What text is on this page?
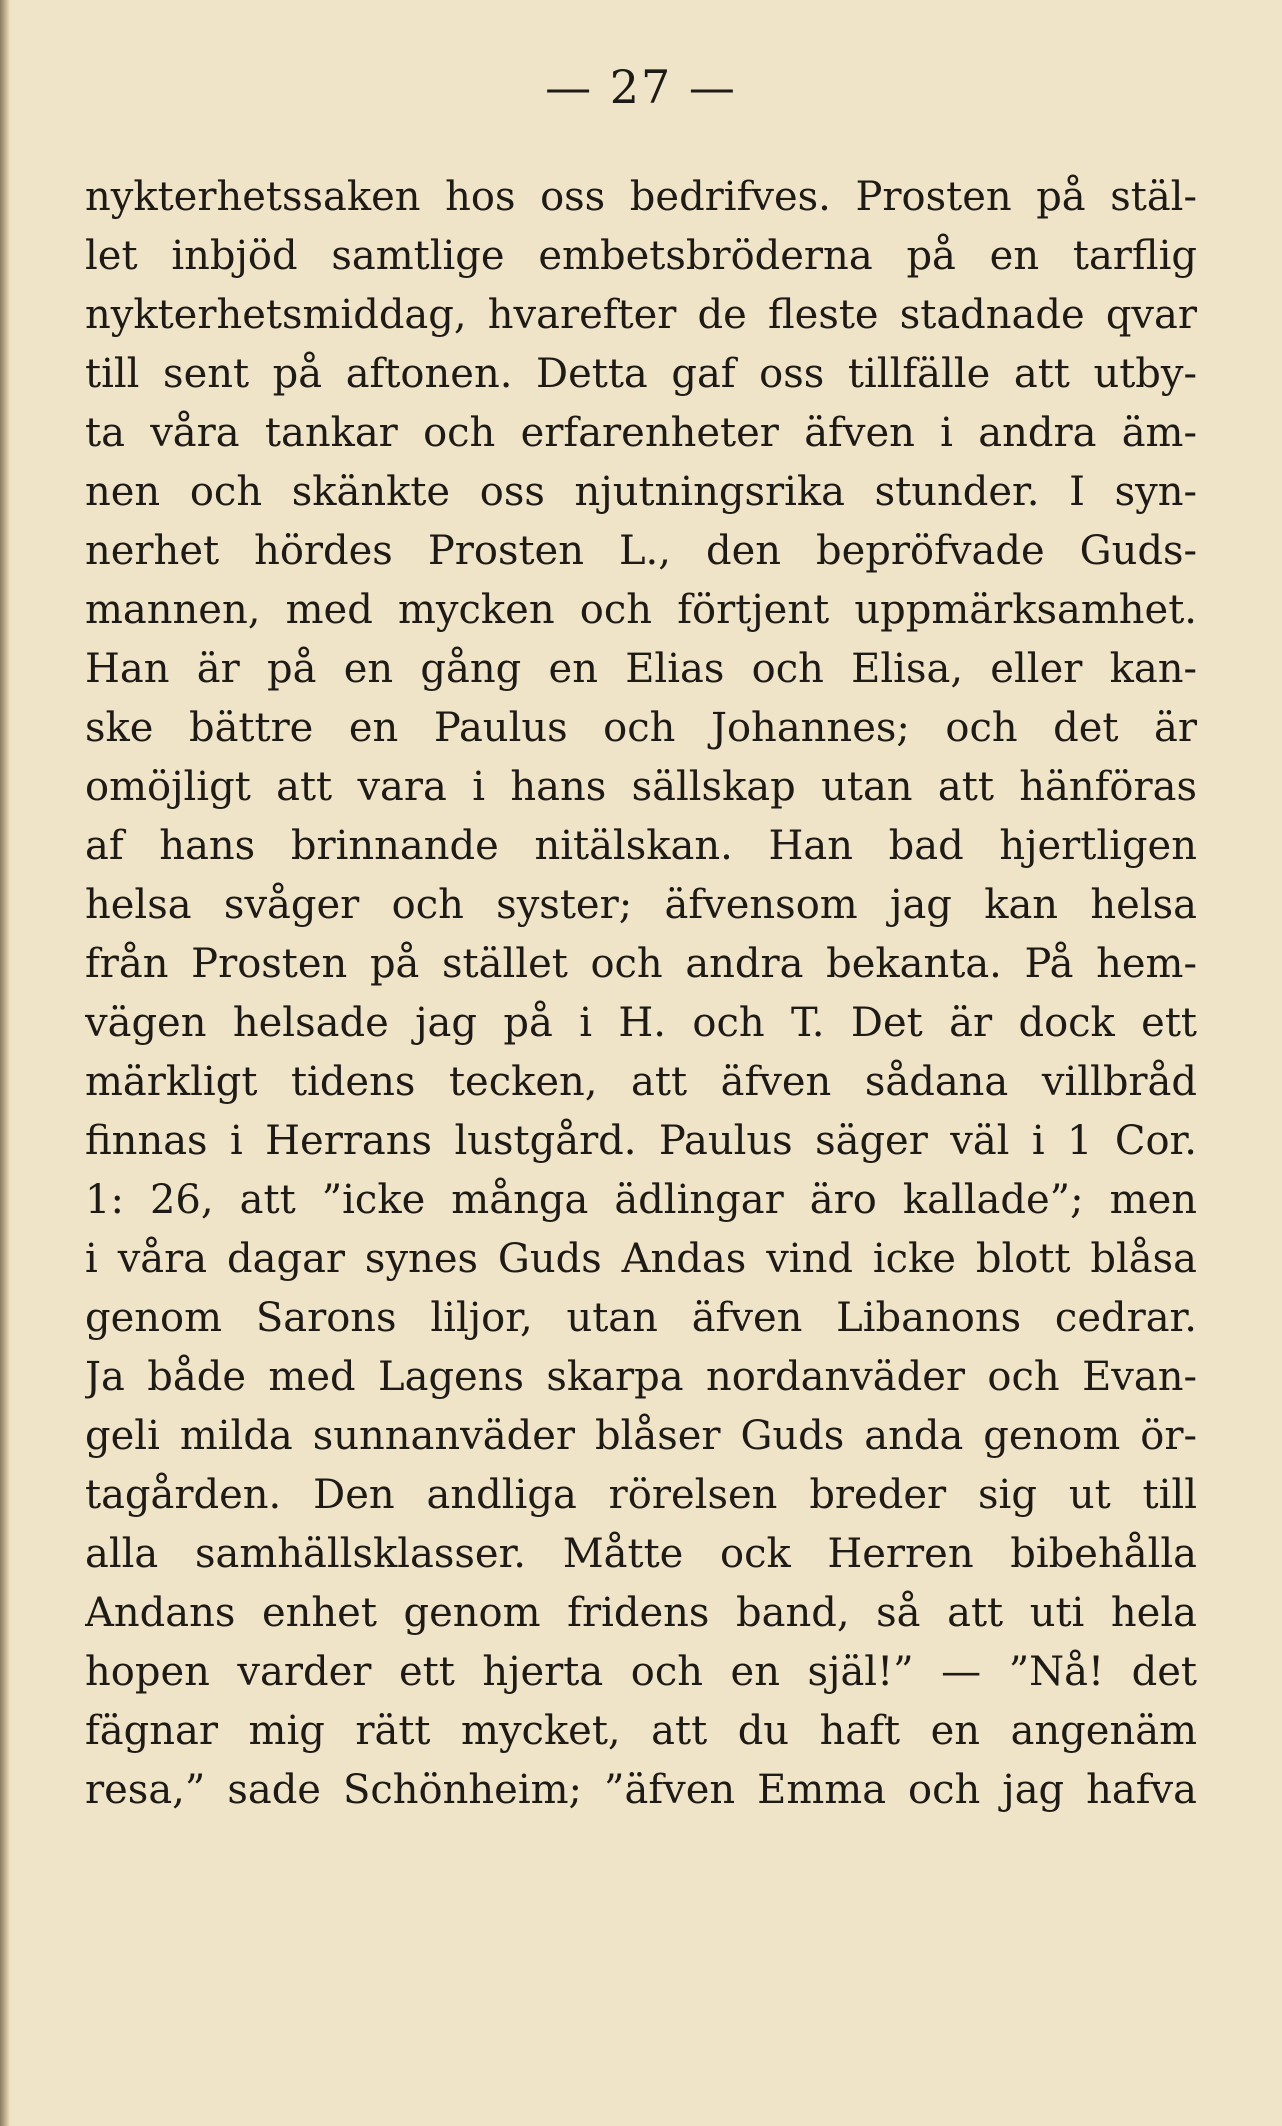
— 27 —
nykterhetssaken hos oss bedrifves. Prosten på stäl-
let inbjöd samtlige embetsbröderna på en tarflig
nykterhetsmiddag, hvarefter de fleste stadnade qvar
till sent på aftonen. Detta gaf oss tillfälle att utby-
ta våra tankar och erfarenheter äfven i andra äm-
nen och skänkte oss njutningsrika stunder. I syn-
nerhet hördes Prosten L., den bepröfvade Guds-
mannen, med mycken och förtjent uppmärksamhet.
Han är på en gång en Elias och Elisa, eller kan-
ske bättre en Paulus och Johannes; och det är
omöjligt att vara i hans sällskap utan att hänföras
af hans brinnande nitälskan. Han bad hjertligen
helsa svåger och syster; äfvensom jag kan helsa
från Prosten på stället och andra bekanta. På hem-
vägen helsade jag på i H. och T. Det är dock ett
märkligt tidens tecken, att äfven sådana villbråd
finnas i Herrans lustgård. Paulus säger väl i 1 Cor.
1: 26, att ”icke många ädlingar äro kallade”; men
i våra dagar synes Guds Andas vind icke blott blåsa
genom Sarons liljor, utan äfven Libanons cedrar.
Ja både med Lagens skarpa nordanväder och Evan-
geli milda sunnanväder blåser Guds anda genom ör-
tagården. Den andliga rörelsen breder sig ut till
alla samhällsklasser. Måtte ock Herren bibehålla
Andans enhet genom fridens band, så att uti hela
hopen varder ett hjerta och en själ!” — ”Nå! det
fägnar mig rätt mycket, att du haft en angenäm
resa,” sade Schönheim; ”äfven Emma och jag hafva
